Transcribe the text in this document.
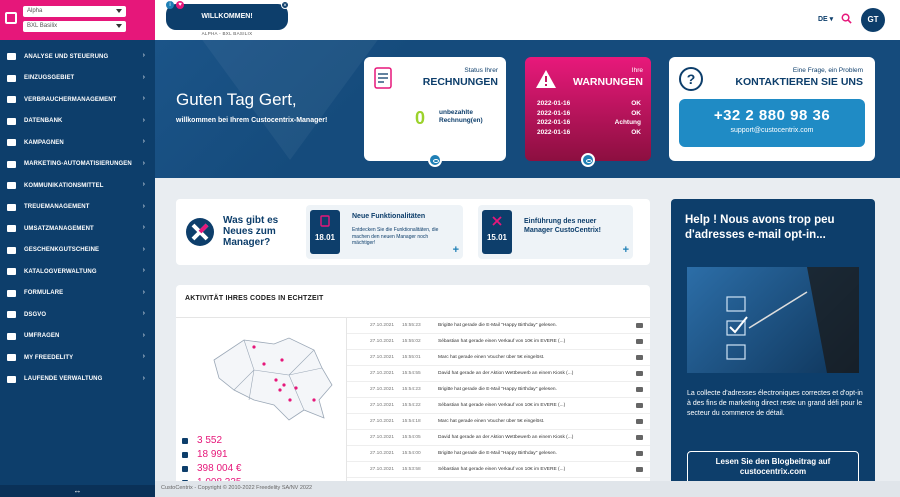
Alpha
BXL Basilix
ANALYSE UND STEUERUNG	›
EINZUGSGEBIET	›
VERBRAUCHERMANAGEMENT	›
DATENBANK	›
KAMPAGNEN	›
MARKETING-AUTOMATISIERUNGEN ›
KOMMUNIKATIONSMITTEL	›
TREUEMANAGEMENT	›
UMSATZMANAGEMENT	›
GESCHENKGUTSCHEINE	›
KATALOGVERWALTUNG	›
FORMULARE	›
DSGVO	›
UMFRAGEN	›
MY FREEDELITY	›
LAUFENDE VERWALTUNG	›
↔
WILLKOMMEN!
i	♥	×
ALPHA - BXL BASILIX
DE ▾	GT
Guten Tag Gert,
willkommen bei Ihrem Custocentrix-Manager!
Status Ihrer
RECHNUNGEN
0 unbezahlte Rechnung(en)
Ihre
WARNUNGEN
2022-01-16	OK
2022-01-16	OK
2022-01-16	Achtung
2022-01-16	OK
?
Eine Frage, ein Problem
KONTAKTIEREN SIE UNS
+32 2 880 98 36
support@custocentrix.com
Was gibt es Neues zum Manager?	18.01
Neue Funktionalitäten
Entdecken Sie die Funktionalitäten, die machen den neuen Manager noch mächtiger!
+
15.01
Einführung des neuer Manager CustoCentrix!
+
AKTIVITÄT IHRES CODES IN ECHTZEIT
3 552
18 991
398 004 €
27.10.2021 15:55:23	Brigitte hat gerade die E-Mail "Happy Birthday" gelesen.
27.10.2021 15:55:02	Sébastian hat gerade einen Verkauf von 10€ im EVERE (...)
27.10.2021 15:55:01	Marc hat gerade einen Voucher über 5€ eingelöst.
27.10.2021 15:54:55	David hat gerade an der Aktion Wettbewerb an einem Kiosk (...)
27.10.2021 15:54:23	Brigitte hat gerade die E-Mail "Happy Birthday" gelesen.
27.10.2021 15:54:22	Sébastian hat gerade einen Verkauf von 10€ im EVERE (...)
27.10.2021 15:54:18	Marc hat gerade einen Voucher über 5€ eingelöst.
27.10.2021 15:54:05	David hat gerade an der Aktion Wettbewerb an einem Kiosk (...)
27.10.2021 15:54:00	Brigitte hat gerade die E-Mail "Happy Birthday" gelesen.
27.10.2021 15:53:58	Sébastian hat gerade einen Verkauf von 10€ im EVERE (...)
Help ! Nous avons trop peu d'adresses e-mail opt-in...
La collecte d'adresses électroniques correctes et d'opt-in à des fins de marketing direct reste un grand défi pour le secteur du commerce de détail.
Lesen Sie den Blogbeitrag auf custocentrix.com
CustoCentrix - Copyright © 2010-2022 Freedelity SA/NV 2022
